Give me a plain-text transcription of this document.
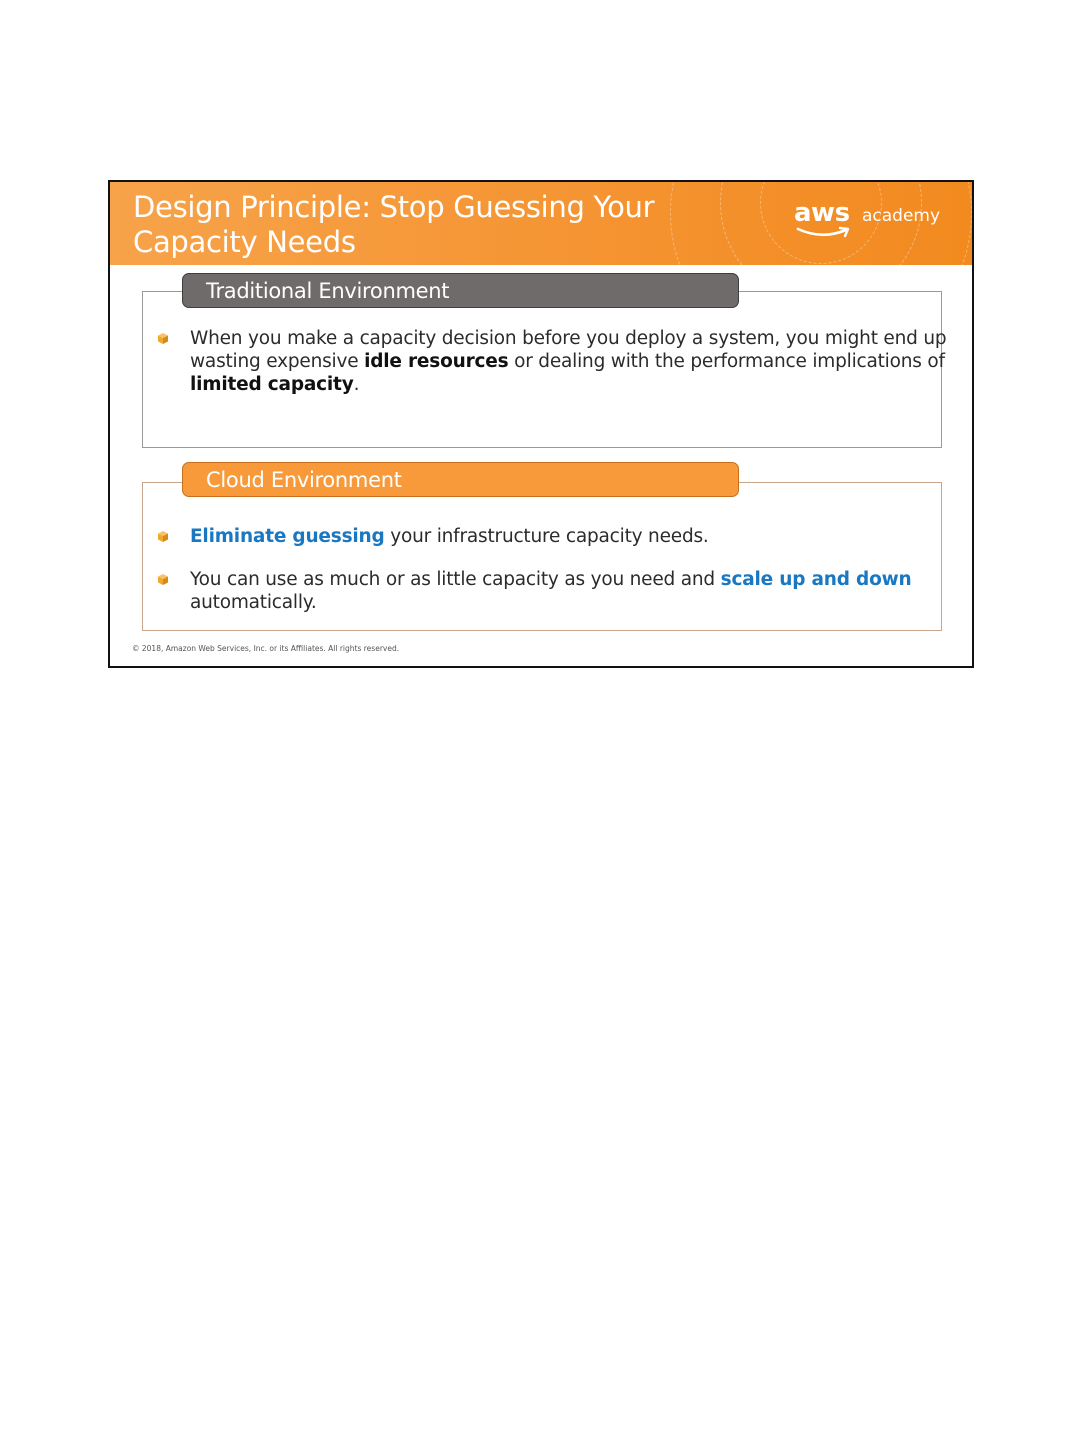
Design Principle: Stop Guessing Your
Capacity Needs
aws academy
Traditional Environment
When you make a capacity decision before you deploy a system, you might end up wasting expensive idle resources or dealing with the performance implications of limited capacity.
Cloud Environment
Eliminate guessing your infrastructure capacity needs.
You can use as much or as little capacity as you need and scale up and down automatically.
© 2018, Amazon Web Services, Inc. or its Affiliates. All rights reserved.
